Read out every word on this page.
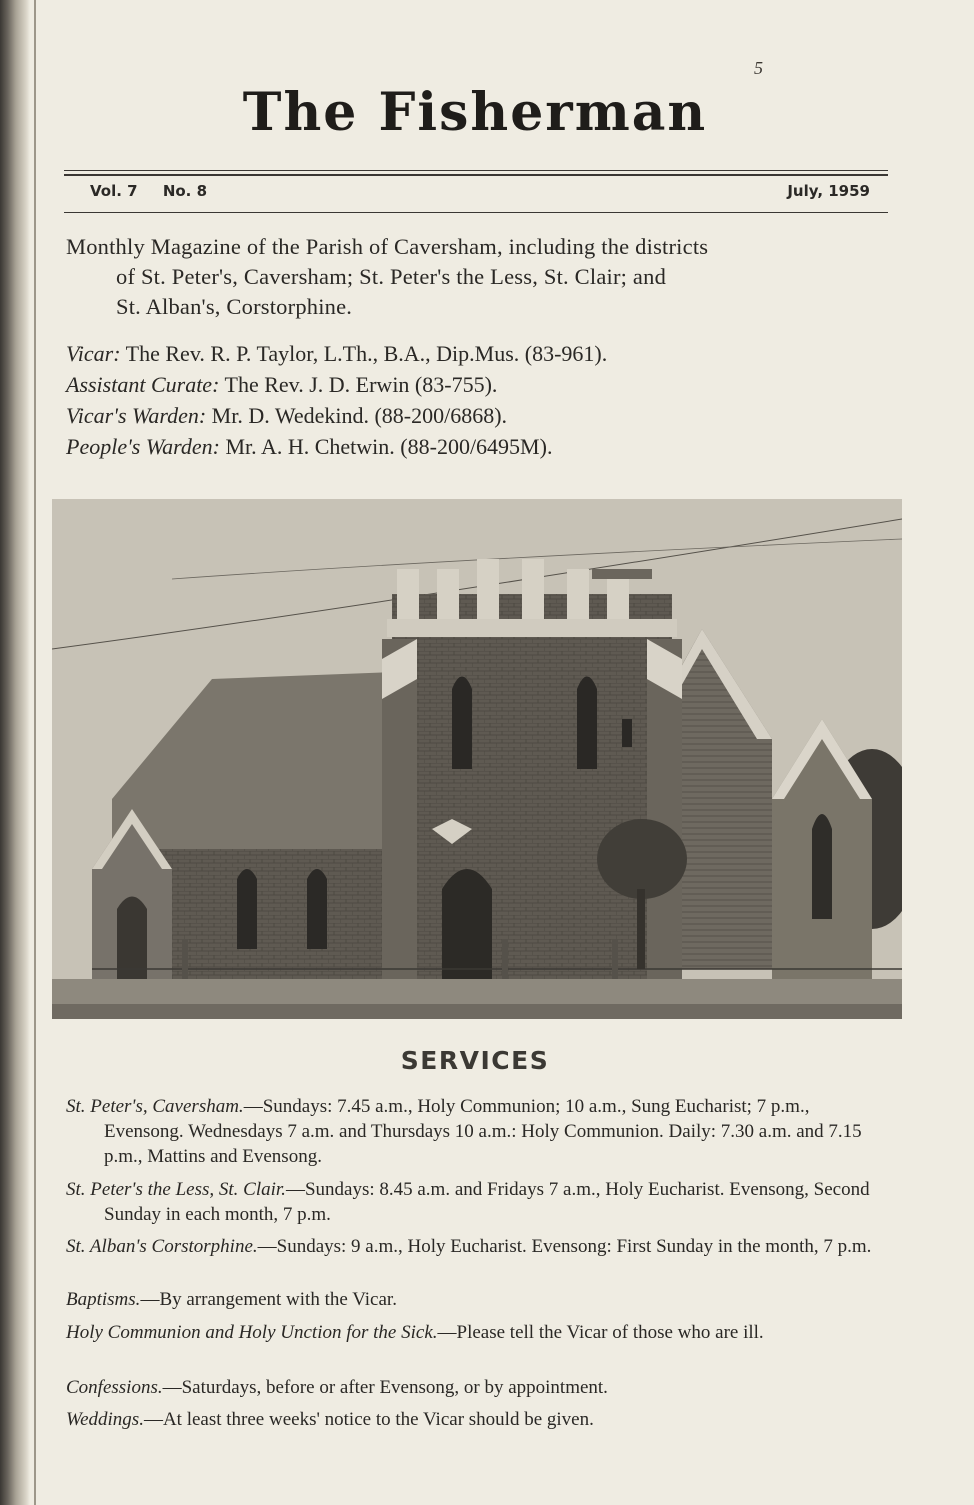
5
The Fisherman
Vol. 7 No. 8	July, 1959
Monthly Magazine of the Parish of Caversham, including the districts
of St. Peter's, Caversham; St. Peter's the Less, St. Clair; and
St. Alban's, Corstorphine.
Vicar: The Rev. R. P. Taylor, L.Th., B.A., Dip.Mus. (83-961).
Assistant Curate: The Rev. J. D. Erwin (83-755).
Vicar's Warden: Mr. D. Wedekind. (88-200/6868).
People's Warden: Mr. A. H. Chetwin. (88-200/6495M).
SERVICES
St. Peter's, Caversham.—Sundays: 7.45 a.m., Holy Communion; 10 a.m., Sung Eucharist; 7 p.m., Evensong. Wednesdays 7 a.m. and Thursdays 10 a.m.: Holy Communion. Daily: 7.30 a.m. and 7.15 p.m., Mattins and Evensong.
St. Peter's the Less, St. Clair.—Sundays: 8.45 a.m. and Fridays 7 a.m., Holy Eucharist. Evensong, Second Sunday in each month, 7 p.m.
St. Alban's Corstorphine.—Sundays: 9 a.m., Holy Eucharist. Evensong: First Sunday in the month, 7 p.m.
Baptisms.—By arrangement with the Vicar.
Holy Communion and Holy Unction for the Sick.—Please tell the Vicar of those who are ill.
Confessions.—Saturdays, before or after Evensong, or by appointment.
Weddings.—At least three weeks' notice to the Vicar should be given.
